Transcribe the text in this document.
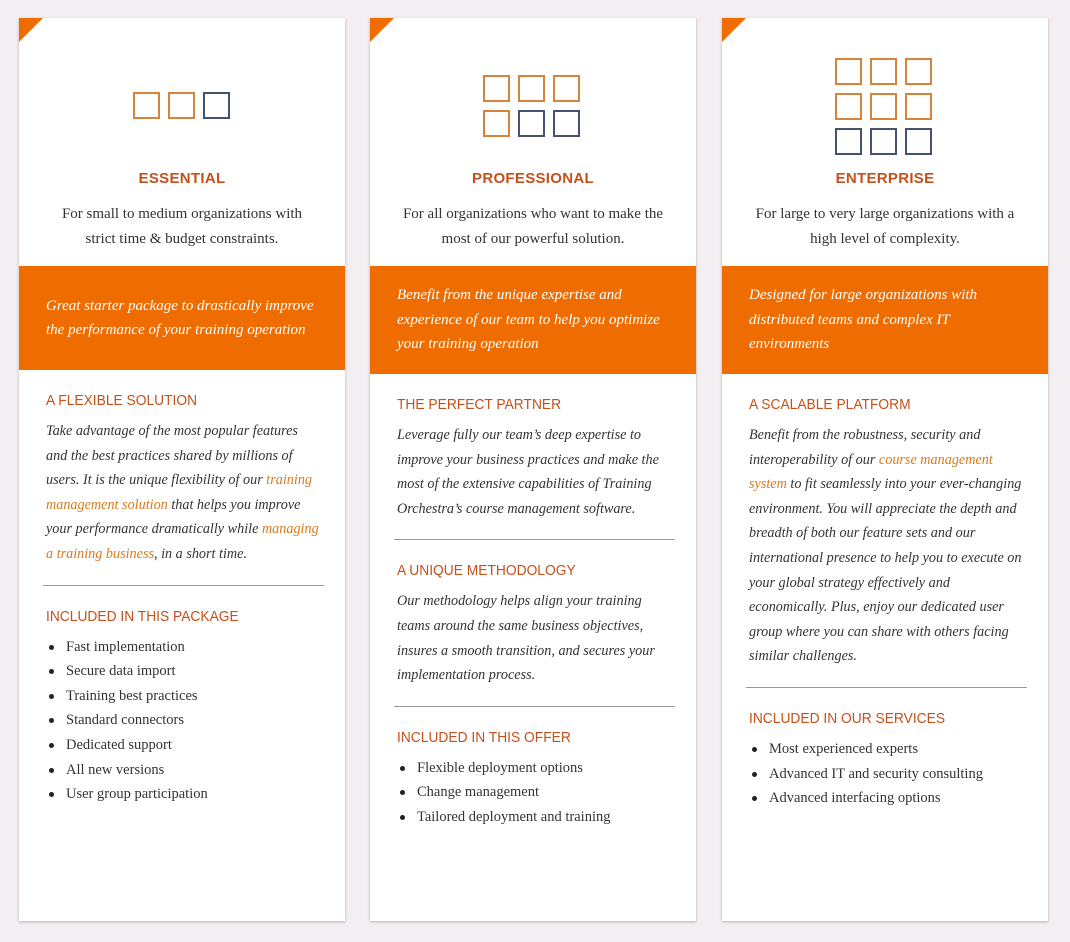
ESSENTIAL
For small to medium organizations with strict time & budget constraints.
Great starter package to drastically improve the performance of your training operation
A FLEXIBLE SOLUTION

Take advantage of the most popular features and the best practices shared by millions of users. It is the unique flexibility of our training management solution that helps you improve your performance dramatically while managing a training business, in a short time.

INCLUDED IN THIS PACKAGE
Fast implementation
Secure data import
Training best practices
Standard connectors
Dedicated support
All new versions
User group participation
PROFESSIONAL
For all organizations who want to make the most of our powerful solution.
Benefit from the unique expertise and experience of our team to help you optimize your training operation
THE PERFECT PARTNER

Leverage fully our team’s deep expertise to improve your business practices and make the most of the extensive capabilities of Training Orchestra’s course management software.

A UNIQUE METHODOLOGY

Our methodology helps align your training teams around the same business objectives, insures a smooth transition, and secures your implementation process.

INCLUDED IN THIS OFFER
Flexible deployment options
Change management
Tailored deployment and training
ENTERPRISE
For large to very large organizations with a high level of complexity.
Designed for large organizations with distributed teams and complex IT environments
A SCALABLE PLATFORM

Benefit from the robustness, security and interoperability of our course management system to fit seamlessly into your ever-changing environment. You will appreciate the depth and breadth of both our feature sets and our international presence to help you to execute on your global strategy effectively and economically. Plus, enjoy our dedicated user group where you can share with others facing similar challenges.

INCLUDED IN OUR SERVICES
Most experienced experts
Advanced IT and security consulting
Advanced interfacing options
